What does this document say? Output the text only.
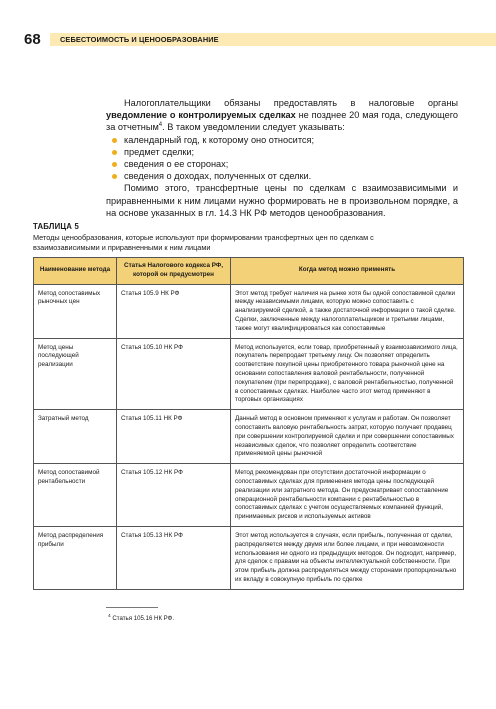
68	СЕБЕСТОИМОСТЬ И ЦЕНООБРАЗОВАНИЕ

Налогоплательщики обязаны предоставлять в налоговые органы уведомление о контролируемых сделках не позднее 20 мая года, следующего за отчетным$^4$. В таком уведомлении следует указывать:

календарный год, к которому оно относится;
предмет сделки;
сведения о ее сторонах;
сведения о доходах, полученных от сделки.

Помимо этого, трансфертные цены по сделкам с взаимозависимыми и приравненными к ним лицами нужно формировать не в произвольном порядке, а на основе указанных в гл. 14.3 НК РФ методов ценообразования.

ТАБЛИЦА 5
Методы ценообразования, которые используют при формировании трансфертных цен по сделкам с взаимозависимыми и приравненными к ним лицами
Наименование метода	Статья Налогового кодекса РФ, которой он предусмотрен	Когда метод можно применять
Метод сопоставимых рыночных цен	Статья 105.9 НК РФ	Этот метод требует наличия на рынке хотя бы одной сопоставимой сделки между независимыми лицами, которую можно сопоставить с анализируемой сделкой, а также достаточной информации о такой сделке. Сделки, заключенные между налогоплательщиком и третьими лицами, также могут квалифицироваться как сопоставимые
Метод цены последующей реализации	Статья 105.10 НК РФ	Метод используется, если товар, приобретенный у взаимозависимого лица, покупатель перепродает третьему лицу. Он позволяет определить соответствие покупной цены приобретенного товара рыночной цене на основании сопоставления валовой рентабельности, полученной покупателем (при перепродаже), с валовой рентабельностью, полученной в сопоставимых сделках. Наиболее часто этот метод применяют в торговых организациях
Затратный метод	Статья 105.11 НК РФ	Данный метод в основном применяют к услугам и работам. Он позволяет сопоставить валовую рентабельность затрат, которую получает продавец при совершении контролируемой сделки и при совершении сопоставимых независимых сделок, что позволяет определить соответствие применяемой цены рыночной
Метод сопоставимой рентабельности	Статья 105.12 НК РФ	Метод рекомендован при отсутствии достаточной информации о сопоставимых сделках для применения метода цены последующей реализации или затратного метода. Он предусматривает сопоставление операционной рентабельности компании с рентабельностью в сопоставимых сделках с учетом осуществляемых компанией функций, принимаемых рисков и используемых активов
Метод распределения прибыли	Статья 105.13 НК РФ	Этот метод используется в случаях, если прибыль, полученная от сделки, распределяется между двумя или более лицами, и при невозможности использования ни одного из предыдущих методов. Он подходит, например, для сделок с правами на объекты интеллектуальной собственности. При этом прибыль должна распределяться между сторонами пропорционально их вкладу в совокупную прибыль по сделке
$^4$ Статья 105.16 НК РФ.
